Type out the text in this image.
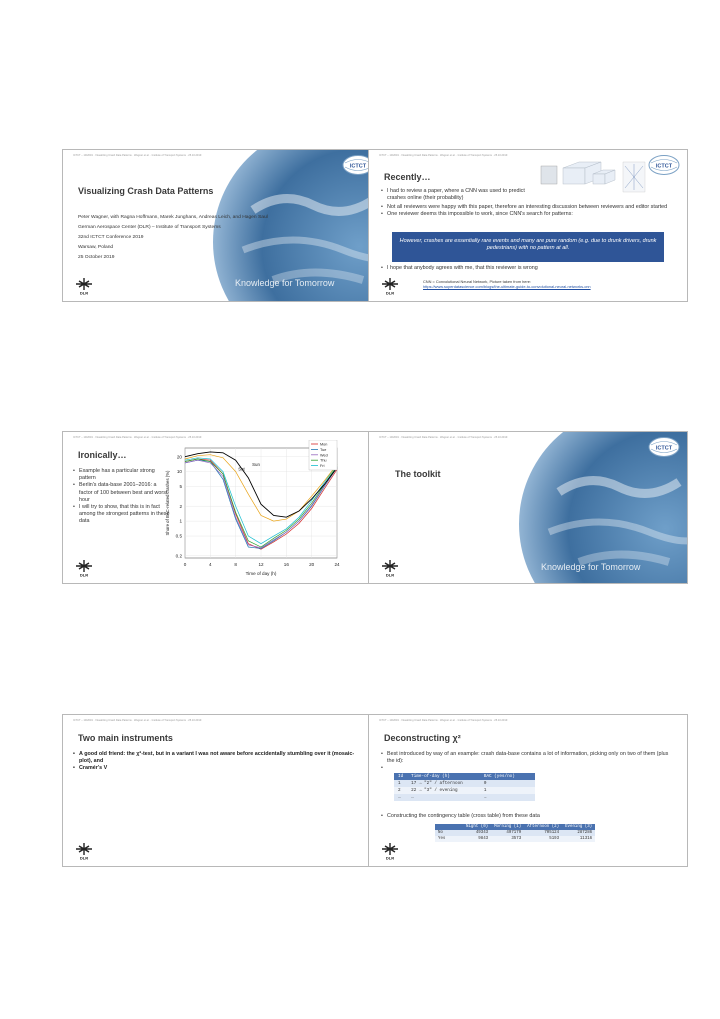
ICTCT – 10/2019 · Visualizing Crash Data Patterns · Wagner et al. · Institute of Transport Systems · 25.10.2019
ICTCT
Visualizing Crash Data Patterns
Peter Wagner, with Ragna Hoffmann, Marek Junghans, Andreas Leich, and Hagen Saul
German Aerospace Center (DLR) – Institute of Transport Systems
32nd ICTCT Conference 2019
Warsaw, Poland
25 October 2019
Knowledge for Tomorrow
DLR
ICTCT – 10/2019 · Visualizing Crash Data Patterns · Wagner et al. · Institute of Transport Systems · 25.10.2019
ICTCT
Recently…
• I had to review a paper, where a CNN was used to predict crashes online (their probability)
• Not all reviewers were happy with this paper, therefore an interesting discussion between reviewers and editor started
• One reviewer deems this impossible to work, since CNN's search for patterns:
However, crashes are essentially rare events and many are pure random (e.g. due to drunk drivers, drunk pedestrians) with no pattern at all.
• I hope that anybody agrees with me, that this reviewer is wrong
CNN = Convolutional Neural Network, Picture taken from here:
https://www.superdatascience.com/blogs/the-ultimate-guide-to-convolutional-neural-networks-cnn
DLR
ICTCT – 10/2019 · Visualizing Crash Data Patterns · Wagner et al. · Institute of Transport Systems · 25.10.2019
Ironically…
• Example has a particular strong pattern
• Berlin's data-base 2001–2016: a factor of 100 between best and worst hour
• I will try to show, that this is in fact among the strongest patterns in these data
0	4	8	12	16	20	24
0.2
0.5
1
2
5
10
20
Time of day (h)
Share of BAC-related crashes (%)
Sat
Sun
Mon
Tue
Wed
Thu
Fri
DLR
ICTCT – 10/2019 · Visualizing Crash Data Patterns · Wagner et al. · Institute of Transport Systems · 25.10.2019
ICTCT
The toolkit
Knowledge for Tomorrow
DLR
ICTCT – 10/2019 · Visualizing Crash Data Patterns · Wagner et al. · Institute of Transport Systems · 25.10.2019
Two main instruments
• A good old friend: the χ²-test, but in a variant I was not aware before accidentally stumbling over it (mosaic-plot), and
• Cramér's V
DLR
ICTCT – 10/2019 · Visualizing Crash Data Patterns · Wagner et al. · Institute of Transport Systems · 25.10.2019
Deconstructing χ²
• Best introduced by way of an example: crash data-base contains a lot of information, picking only on two of them (plus the id):
•
Id	Time-of-day (h)	BAC (yes/no)
1	17 → "2" / afternoon	0
2	22 → "3" / evening	1
…	…	…
• Constructing the contingency table (cross table) from these data
	Night (0)	Morning (1)	Afternoon (2)	Evening (3)
No	49343	497179	705124	287286
Yes	9843	3573	5193	11316
DLR
